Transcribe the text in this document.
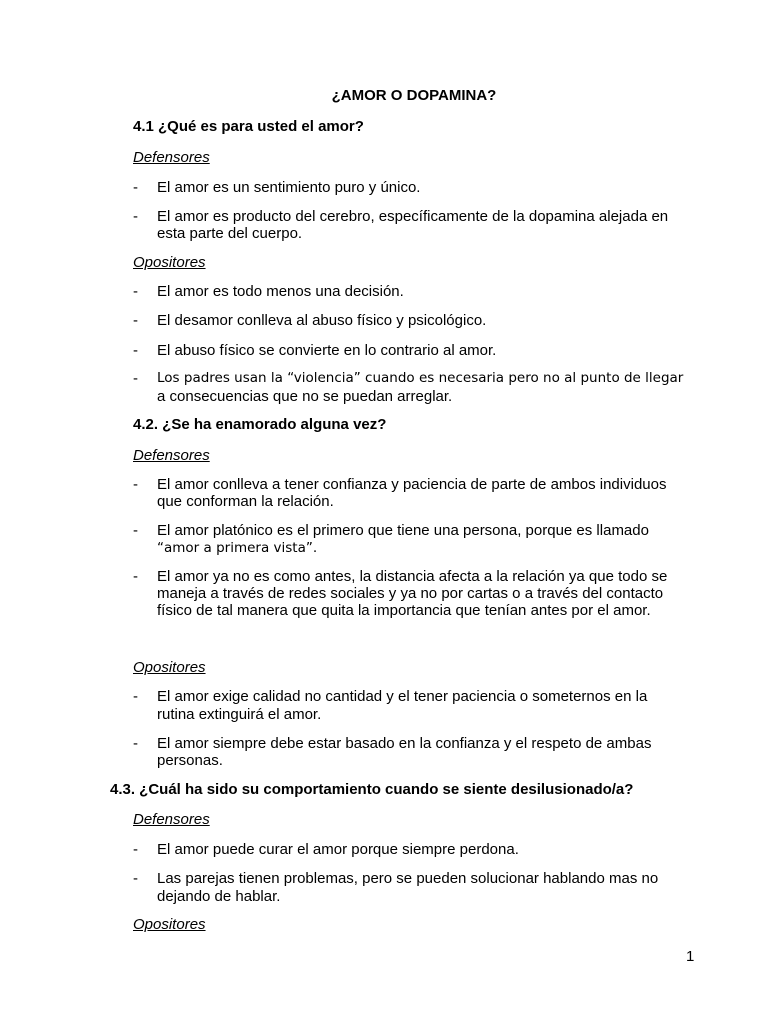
¿AMOR O DOPAMINA?
4.1 ¿Qué es para usted el amor?
Defensores
- El amor es un sentimiento puro y único.
- El amor es producto del cerebro, específicamente de la dopamina alejada en
esta parte del cuerpo.
Opositores
- El amor es todo menos una decisión.
- El desamor conlleva al abuso físico y psicológico.
- El abuso físico se convierte en lo contrario al amor.
- Los padres usan la “violencia” cuando es necesaria pero no al punto de llegar
a consecuencias que no se puedan arreglar.
4.2. ¿Se ha enamorado alguna vez?
Defensores
- El amor conlleva a tener confianza y paciencia de parte de ambos individuos
que conforman la relación.
- El amor platónico es el primero que tiene una persona, porque es llamado
“amor a primera vista”.
- El amor ya no es como antes, la distancia afecta a la relación ya que todo se
maneja a través de redes sociales y ya no por cartas o a través del contacto
físico de tal manera que quita la importancia que tenían antes por el amor.
Opositores
- El amor exige calidad no cantidad y el tener paciencia o someternos en la
rutina extinguirá el amor.
- El amor siempre debe estar basado en la confianza y el respeto de ambas
personas.
4.3. ¿Cuál ha sido su comportamiento cuando se siente desilusionado/a?
Defensores
- El amor puede curar el amor porque siempre perdona.
- Las parejas tienen problemas, pero se pueden solucionar hablando mas no
dejando de hablar.
Opositores
1
